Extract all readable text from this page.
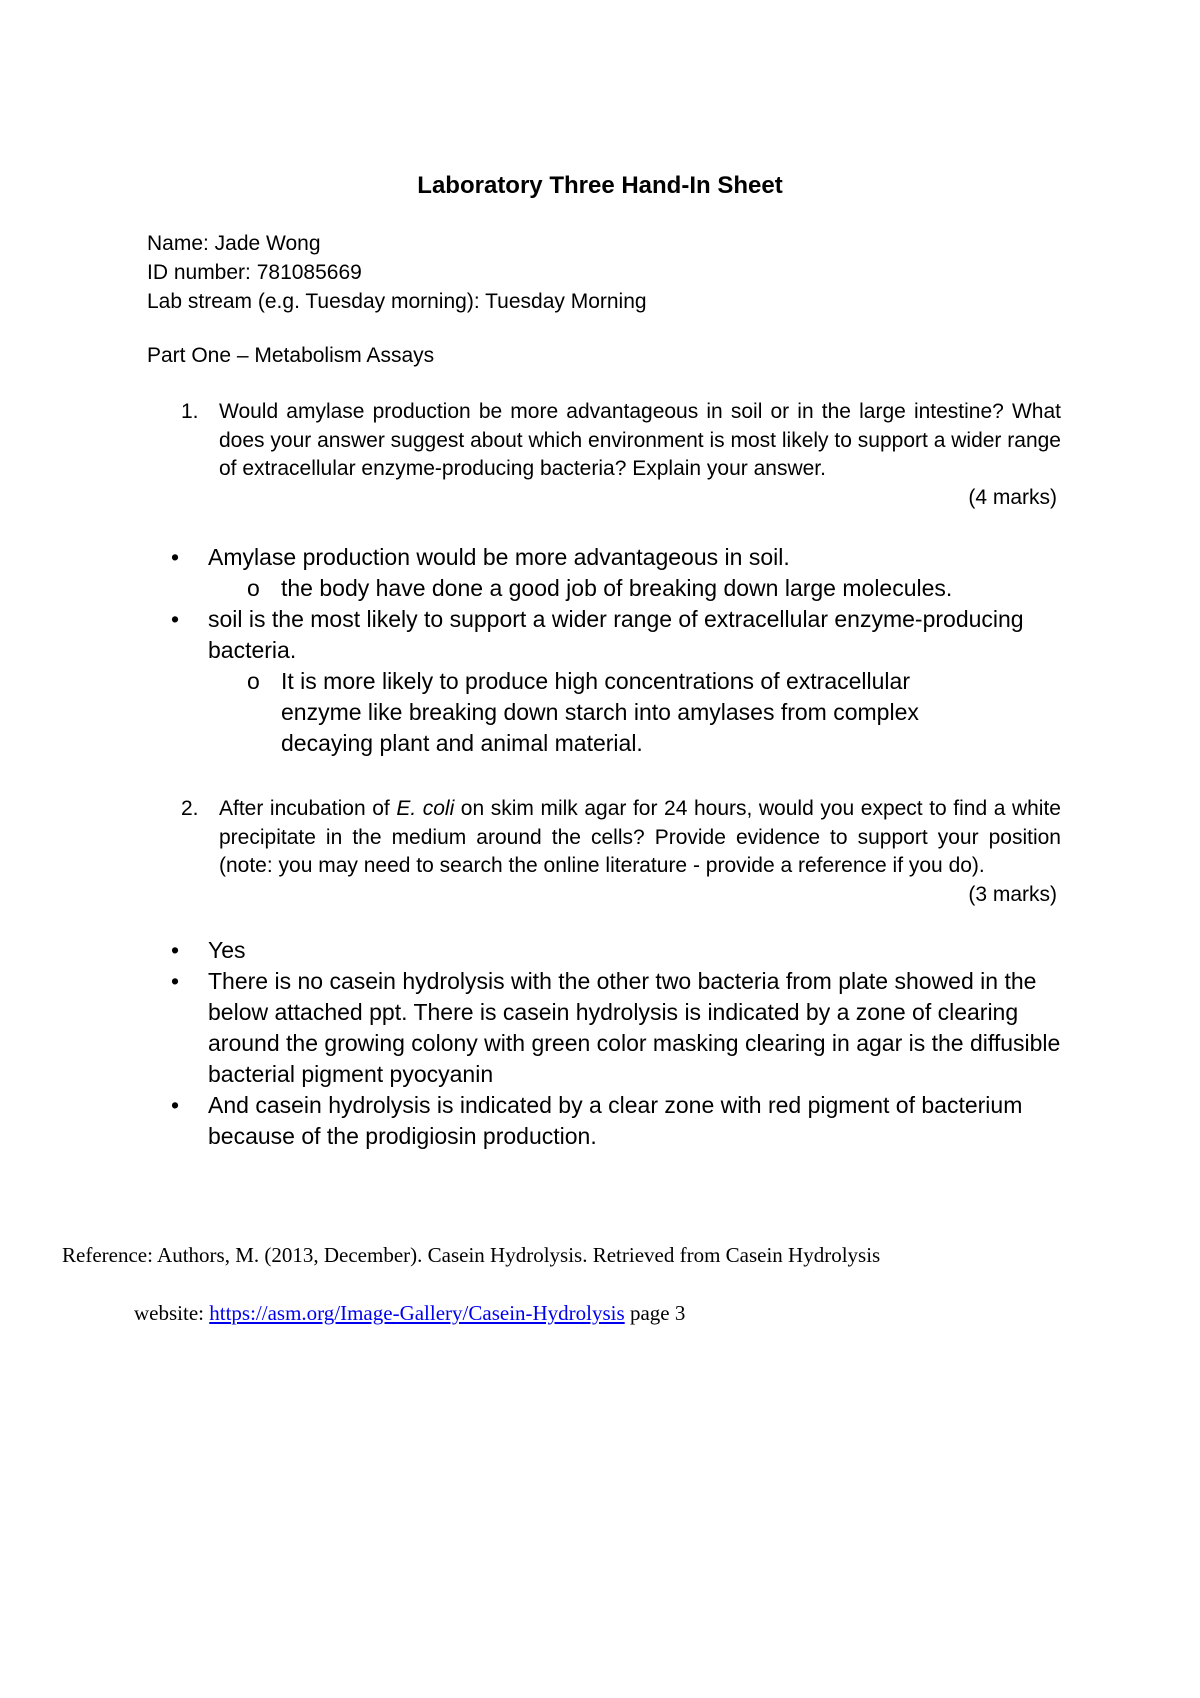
Laboratory Three Hand-In Sheet
Name: Jade Wong
ID number: 781085669
Lab stream (e.g. Tuesday morning): Tuesday Morning
Part One – Metabolism Assays
1. Would amylase production be more advantageous in soil or in the large intestine? What does your answer suggest about which environment is most likely to support a wider range of extracellular enzyme-producing bacteria? Explain your answer.
(4 marks)
• Amylase production would be more advantageous in soil.
o the body have done a good job of breaking down large molecules.
• soil is the most likely to support a wider range of extracellular enzyme-producing bacteria.
o It is more likely to produce high concentrations of extracellular enzyme like breaking down starch into amylases from complex decaying plant and animal material.
2. After incubation of E. coli on skim milk agar for 24 hours, would you expect to find a white precipitate in the medium around the cells? Provide evidence to support your position (note: you may need to search the online literature - provide a reference if you do).
(3 marks)
• Yes
• There is no casein hydrolysis with the other two bacteria from plate showed in the below attached ppt. There is casein hydrolysis is indicated by a zone of clearing around the growing colony with green color masking clearing in agar is the diffusible bacterial pigment pyocyanin
• And casein hydrolysis is indicated by a clear zone with red pigment of bacterium because of the prodigiosin production.
Reference: Authors, M. (2013, December). Casein Hydrolysis. Retrieved from Casein Hydrolysis
website: https://asm.org/Image-Gallery/Casein-Hydrolysis page 3
